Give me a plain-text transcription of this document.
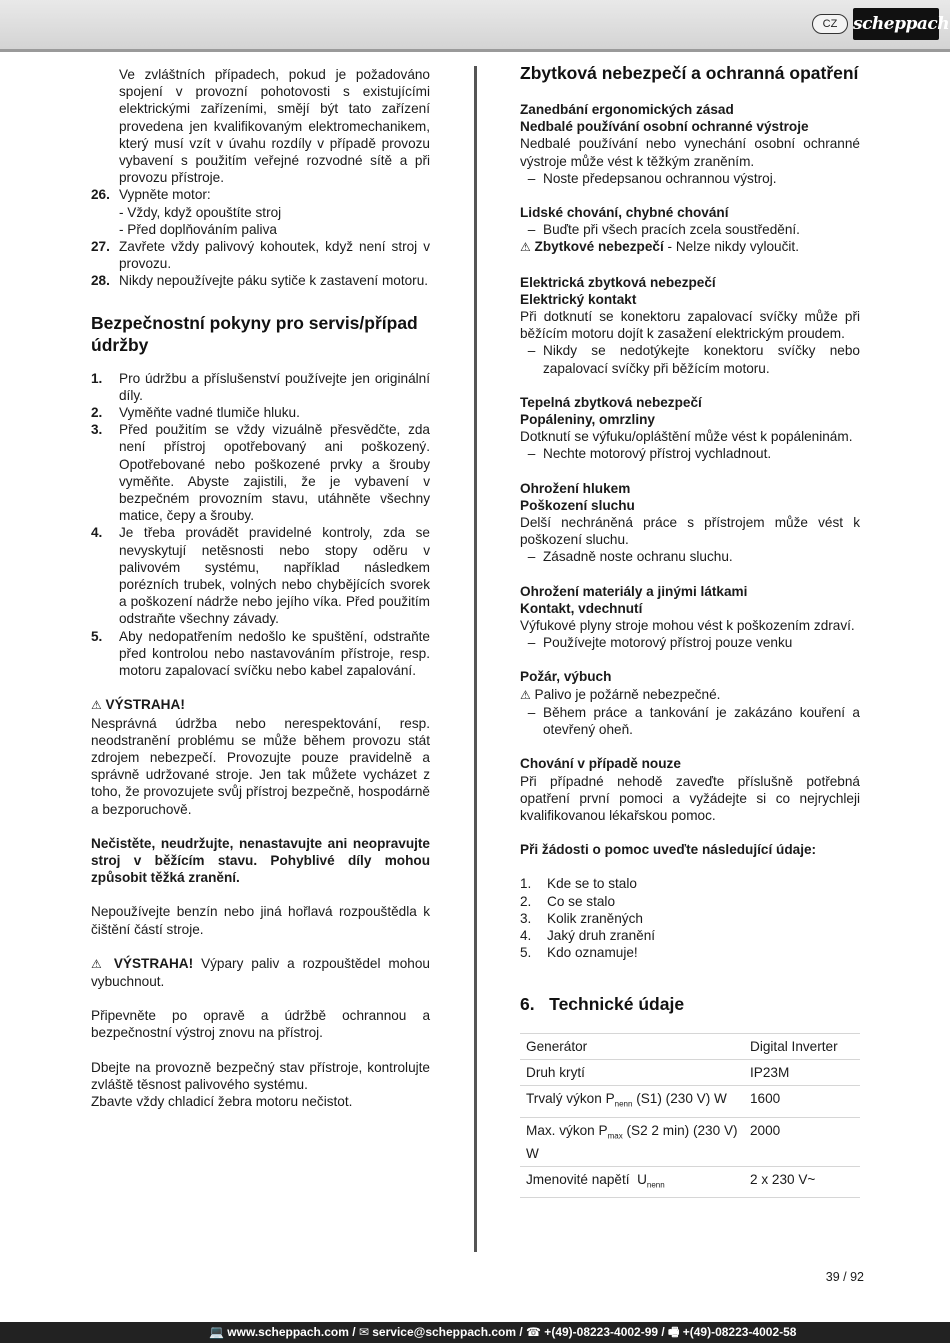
CZ scheppach

Ve zvláštních případech, pokud je požadováno spojení v provozní pohotovosti s existujícími elektrickými zařízeními, smějí být tato zařízení provedena jen kvalifikovaným elektromechanikem, který musí vzít v úvahu rozdíly v případě provozu vybavení s použitím veřejné rozvodné sítě a při provozu přístroje.

26. Vypněte motor:
- Vždy, když opouštíte stroj
- Před doplňováním paliva
27. Zavřete vždy palivový kohoutek, když není stroj v provozu.
28. Nikdy nepoužívejte páku sytiče k zastavení motoru.
Bezpečnostní pokyny pro servis/případ údržby
1.	Pro údržbu a příslušenství používejte jen originální díly.
2.	Vyměňte vadné tlumiče hluku.
3.	Před použitím se vždy vizuálně přesvědčte, zda není přístroj opotřebovaný ani poškozený. Opotřebované nebo poškozené prvky a šrouby vyměňte. Abyste zajistili, že je vybavení v bezpečném provozním stavu, utáhněte všechny matice, čepy a šrouby.
4.	Je třeba provádět pravidelné kontroly, zda se nevyskytují netěsnosti nebo stopy oděru v palivovém systému, například následkem porézních trubek, volných nebo chybějících svorek a poškození nádrže nebo jejího víka. Před použitím odstraňte všechny závady.
5.	Aby nedopatřením nedošlo ke spuštění, odstraňte před kontrolou nebo nastavováním přístroje, resp. motoru zapalovací svíčku nebo kabel zapalování.
⚠ VÝSTRAHA!

Nesprávná údržba nebo nerespektování, resp. neodstranění problému se může během provozu stát zdrojem nebezpečí. Provozujte pouze pravidelně a správně udržované stroje. Jen tak můžete vycházet z toho, že provozujete svůj přístroj bezpečně, hospodárně a bezporuchově.

Nečistěte, neudržujte, nenastavujte ani neopravujte stroj v běžícím stavu. Pohyblivé díly mohou způsobit těžká zranění.

Nepoužívejte benzín nebo jiná hořlavá rozpouštědla k čištění částí stroje.

⚠ VÝSTRAHA! Výpary paliv a rozpouštědel mohou vybuchnout.

Připevněte po opravě a údržbě ochrannou a bezpečnostní výstroj znovu na přístroj.

Dbejte na provozně bezpečný stav přístroje, kontrolujte zvláště těsnost palivového systému.

Zbavte vždy chladicí žebra motoru nečistot.

Zbytková nebezpečí a ochranná opatření
Zanedbání ergonomických zásad
Nedbalé používání osobní ochranné výstroje

Nedbalé používání nebo vynechání osobní ochranné výstroje může vést k těžkým zraněním.

– Noste předepsanou ochrannou výstroj.
Lidské chování, chybné chování
– Buďte při všech pracích zcela soustředění.
⚠ Zbytkové nebezpečí - Nelze nikdy vyloučit.
Elektrická zbytková nebezpečí
Elektrický kontakt

Při dotknutí se konektoru zapalovací svíčky může při běžícím motoru dojít k zasažení elektrickým proudem.

– Nikdy se nedotýkejte konektoru svíčky nebo zapalovací svíčky při běžícím motoru.
Tepelná zbytková nebezpečí
Popáleniny, omrzliny

Dotknutí se výfuku/opláštění může vést k popáleninám.

– Nechte motorový přístroj vychladnout.
Ohrožení hlukem
Poškození sluchu

Delší nechráněná práce s přístrojem může vést k poškození sluchu.

– Zásadně noste ochranu sluchu.
Ohrožení materiály a jinými látkami
Kontakt, vdechnutí

Výfukové plyny stroje mohou vést k poškozením zdraví.

– Používejte motorový přístroj pouze venku
Požár, výbuch
⚠ Palivo je požárně nebezpečné.
– Během práce a tankování je zakázáno kouření a otevřený oheň.
Chování v případě nouze

Při případné nehodě zaveďte příslušně potřebná opatření první pomoci a vyžádejte si co nejrychleji kvalifikovanou lékařskou pomoc.

Při žádosti o pomoc uveďte následující údaje:
1.	Kde se to stalo
2.	Co se stalo
3.	Kolik zraněných
4.	Jaký druh zranění
5.	Kdo oznamuje!
6.   Technické údaje
Generátor	Digital Inverter
Druh krytí	IP23M
Trvalý výkon $P_{nenn}$ (S1) (230 V) W	1600
Max. výkon $P_{max}$ (S2 2 min) (230 V) W	2000
Jmenovité napětí  $U_{nenn}$	2 x 230 V~
39 / 92
💻 www.scheppach.com / ✉ service@scheppach.com / ☎ +(49)-08223-4002-99 / 🖷 +(49)-08223-4002-58
